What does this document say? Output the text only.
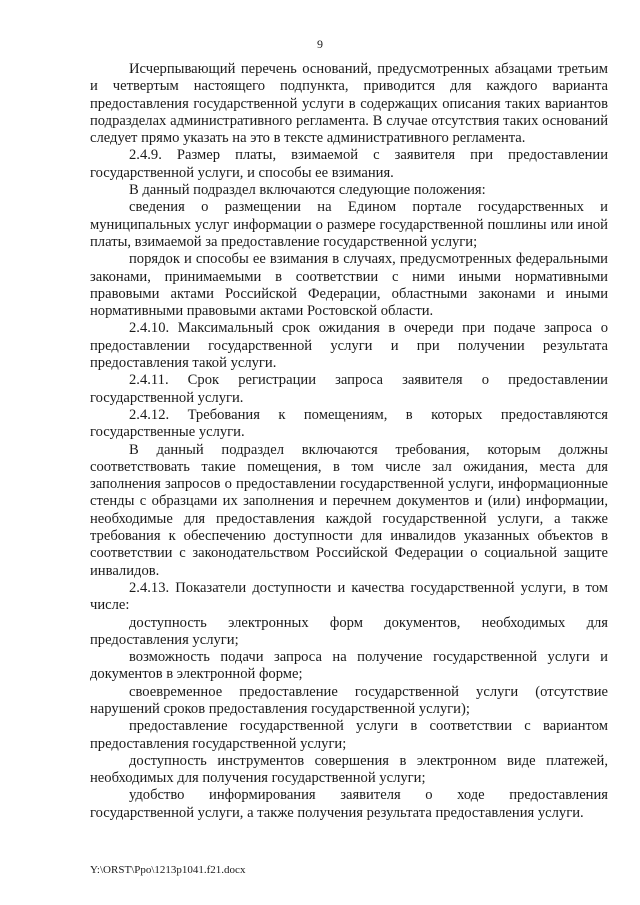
9

Исчерпывающий перечень оснований, предусмотренных абзацами третьим и четвертым настоящего подпункта, приводится для каждого варианта предоставления государственной услуги в содержащих описания таких вариантов подразделах административного регламента. В случае отсутствия таких оснований следует прямо указать на это в тексте административного регламента.

2.4.9. Размер платы, взимаемой с заявителя при предоставлении государственной услуги, и способы ее взимания.

В данный подраздел включаются следующие положения:

сведения о размещении на Едином портале государственных и муниципальных услуг информации о размере государственной пошлины или иной платы, взимаемой за предоставление государственной услуги;

порядок и способы ее взимания в случаях, предусмотренных федеральными законами, принимаемыми в соответствии с ними иными нормативными правовыми актами Российской Федерации, областными законами и иными нормативными правовыми актами Ростовской области.

2.4.10. Максимальный срок ожидания в очереди при подаче запроса о предоставлении государственной услуги и при получении результата предоставления такой услуги.

2.4.11. Срок регистрации запроса заявителя о предоставлении государственной услуги.

2.4.12. Требования к помещениям, в которых предоставляются государственные услуги.

В данный подраздел включаются требования, которым должны соответствовать такие помещения, в том числе зал ожидания, места для заполнения запросов о предоставлении государственной услуги, информационные стенды с образцами их заполнения и перечнем документов и (или) информации, необходимые для предоставления каждой государственной услуги, а также требования к обеспечению доступности для инвалидов указанных объектов в соответствии с законодательством Российской Федерации о социальной защите инвалидов.

2.4.13. Показатели доступности и качества государственной услуги, в том числе:

доступность электронных форм документов, необходимых для предоставления услуги;

возможность подачи запроса на получение государственной услуги и документов в электронной форме;

своевременное предоставление государственной услуги (отсутствие нарушений сроков предоставления государственной услуги);

предоставление государственной услуги в соответствии с вариантом предоставления государственной услуги;

доступность инструментов совершения в электронном виде платежей, необходимых для получения государственной услуги;

удобство информирования заявителя о ходе предоставления государственной услуги, а также получения результата предоставления услуги.

Y:\ORST\Ppo\1213p1041.f21.docx
